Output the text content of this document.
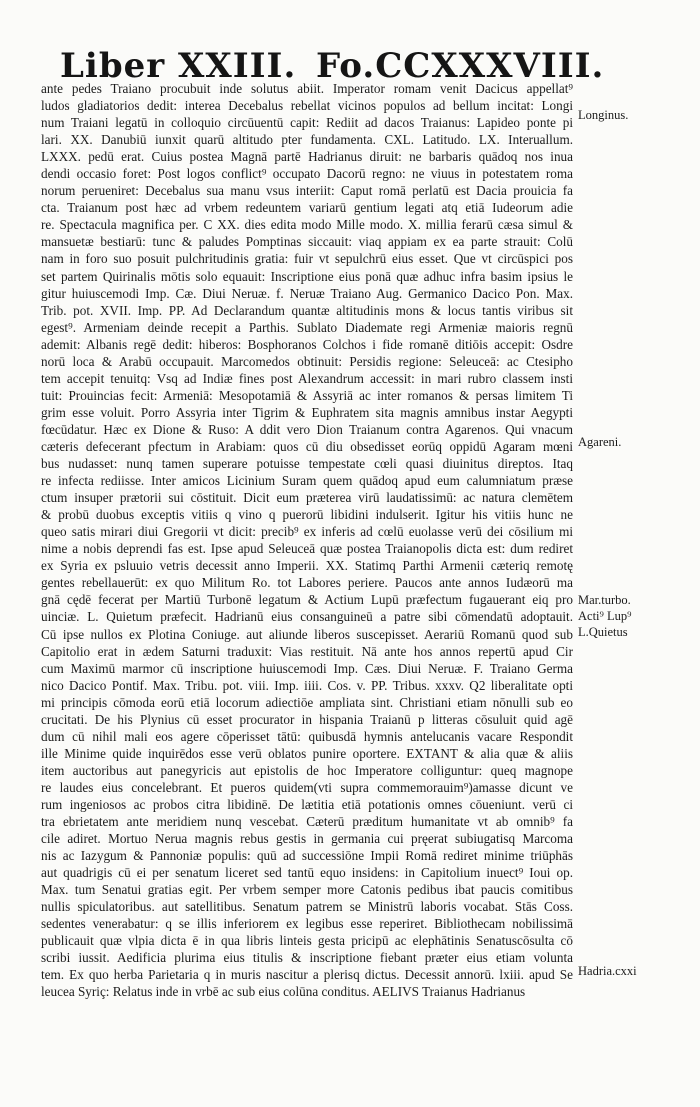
Liber XXIII. Fo.CCXXXVIII.
ante pedes Traiano procubuit inde solutus abiit. Imperator romam venit Dacicus appellat⁹
ludos gladiatorios dedit: interea Decebalus rebellat vicinos populos ad bellum incitat: Longi
num Traiani legatū in colloquio circūuentū capit: Rediit ad dacos Traianus: Lapideo ponte pi
lari. XX. Danubiū iunxit quarū altitudo pter fundamenta. CXL. Latitudo. LX. Interuallum.
LXXX. pedū erat. Cuius postea Magnā partē Hadrianus diruit: ne barbaris quādoq nos inua
dendi occasio foret: Post logos conflict⁹ occupato Dacorū regno: ne viuus in potestatem roma
norum perueniret: Decebalus sua manu vsus interiit: Caput romā perlatū est Dacia prouicia fa
cta. Traianum post hæc ad vrbem redeuntem variarū gentium legati atq etiā Iudeorum adie
re. Spectacula magnifica per. C XX. dies edita modo Mille modo. X. millia ferarū cæsa simul &
mansuetæ bestiarū: tunc & paludes Pomptinas siccauit: viaq appiam ex ea parte strauit: Colū
nam in foro suo posuit pulchritudinis gratia: fuir vt sepulchrū eius esset. Que vt circūspici pos
set partem Quirinalis mōtis solo equauit: Inscriptione eius ponā quæ adhuc infra basim ipsius le
gitur huiuscemodi Imp. Cæ. Diui Neruæ. f. Neruæ Traiano Aug. Germanico Dacico Pon. Max.
Trib. pot. XVII. Imp. PP. Ad Declarandum quantæ altitudinis mons & locus tantis viribus sit
egest⁹. Armeniam deinde recepit a Parthis. Sublato Diademate regi Armeniæ maioris regnū
ademit: Albanis regē dedit: hiberos: Bosphoranos Colchos i fide romanē ditiōis accepit: Osdre
norū loca & Arabū occupauit. Marcomedos obtinuit: Persidis regione: Seleuceā: ac Ctesipho
tem accepit tenuitq: Vsq ad Indiæ fines post Alexandrum accessit: in mari rubro classem insti
tuit: Prouincias fecit: Armeniā: Mesopotamiā & Assyriā ac inter romanos & persas limitem Ti
grim esse voluit. Porro Assyria inter Tigrim & Euphratem sita magnis amnibus instar Aegypti
fœcūdatur. Hæc ex Dione & Ruso: A ddit vero Dion Traianum contra Agarenos. Qui vnacum
cæteris defecerant pfectum in Arabiam: quos cū diu obsedisset eorūq oppidū Agaram mœni
bus nudasset: nunq tamen superare potuisse tempestate cœli quasi diuinitus direptos. Itaq
re infecta rediisse. Inter amicos Licinium Suram quem quādoq apud eum calumniatum præse
ctum insuper prætorii sui cōstituit. Dicit eum præterea virū laudatissimū: ac natura clemētem
& probū duobus exceptis vitiis q vino q puerorū libidini indulserit. Igitur his vitiis hunc ne
queo satis mirari diui Gregorii vt dicit: precib⁹ ex inferis ad cœlū euolasse verū dei cōsilium mi
nime a nobis deprendi fas est. Ipse apud Seleuceā quæ postea Traianopolis dicta est: dum rediret
ex Syria ex psluuio vetris decessit anno Imperii. XX. Statimq Parthi Armenii cæteriq remotę
gentes rebellauerūt: ex quo Militum Ro. tot Labores periere. Paucos ante annos Iudæorū ma
gnā cędē fecerat per Martiū Turbonē legatum & Actium Lupū præfectum fugauerant eiq pro
uinciæ. L. Quietum præfecit. Hadrianū eius consanguineū a patre sibi cōmendatū adoptauit.
Cū ipse nullos ex Plotina Coniuge. aut aliunde liberos suscepisset. Aerariū Romanū quod sub
Capitolio erat in ædem Saturni traduxit: Vias restituit. Nā ante hos annos repertū apud Cir
cum Maximū marmor cū inscriptione huiuscemodi Imp. Cæs. Diui Neruæ. F. Traiano Germa
nico Dacico Pontif. Max. Tribu. pot. viii. Imp. iiii. Cos. v. PP. Tribus. xxxv. Q2 liberalitate opti
mi principis cōmoda eorū etiā locorum adiectiōe ampliata sint. Christiani etiam nōnulli sub eo
crucitati. De his Plynius cū esset procurator in hispania Traianū p litteras cōsuluit quid agē
dum cū nihil mali eos agere cōperisset tātū: quibusdā hymnis antelucanis vacare Respondit
ille Minime quide inquirēdos esse verū oblatos punire oportere. EXTANT & alia quæ & aliis
item auctoribus aut panegyricis aut epistolis de hoc Imperatore colliguntur: queq magnope
re laudes eius concelebrant. Et pueros quidem(vti supra commemorauim⁹)amasse dicunt ve
rum ingeniosos ac probos citra libidinē. De lætitia etiā potationis omnes cōueniunt. verū ci
tra ebrietatem ante meridiem nunq vescebat. Cæterū præditum humanitate vt ab omnib⁹ fa
cile adiret. Mortuo Nerua magnis rebus gestis in germania cui pręerat subiugatisq Marcoma
nis ac Iazygum & Pannoniæ populis: quū ad successiōne Impii Romā rediret minime triūphās
aut quadrigis cū ei per senatum liceret sed tantū equo insidens: in Capitolium inuect⁹ Ioui op.
Max. tum Senatui gratias egit. Per vrbem semper more Catonis pedibus ibat paucis comitibus
nullis spiculatoribus. aut satellitibus. Senatum patrem se Ministrū laboris vocabat. Stās Coss.
sedentes venerabatur: q se illis inferiorem ex legibus esse reperiret. Bibliothecam nobilissimā
publicauit quæ vlpia dicta ē in qua libris linteis gesta pricipū ac elephātinis Senatuscōsulta cō
scribi iussit. Aedificia plurima eius titulis & inscriptione fiebant præter eius etiam volunta
tem. Ex quo herba Parietaria q in muris nascitur a plerisq dictus. Decessit annorū. lxiii. apud Se
leucea Syriç: Relatus inde in vrbē ac sub eius colūna conditus. AELIVS Traianus Hadrianus
Longinus.
Agareni.
Mar.turbo.
Acti⁹ Lup⁹
L.Quietus
Hadria.cxxi
